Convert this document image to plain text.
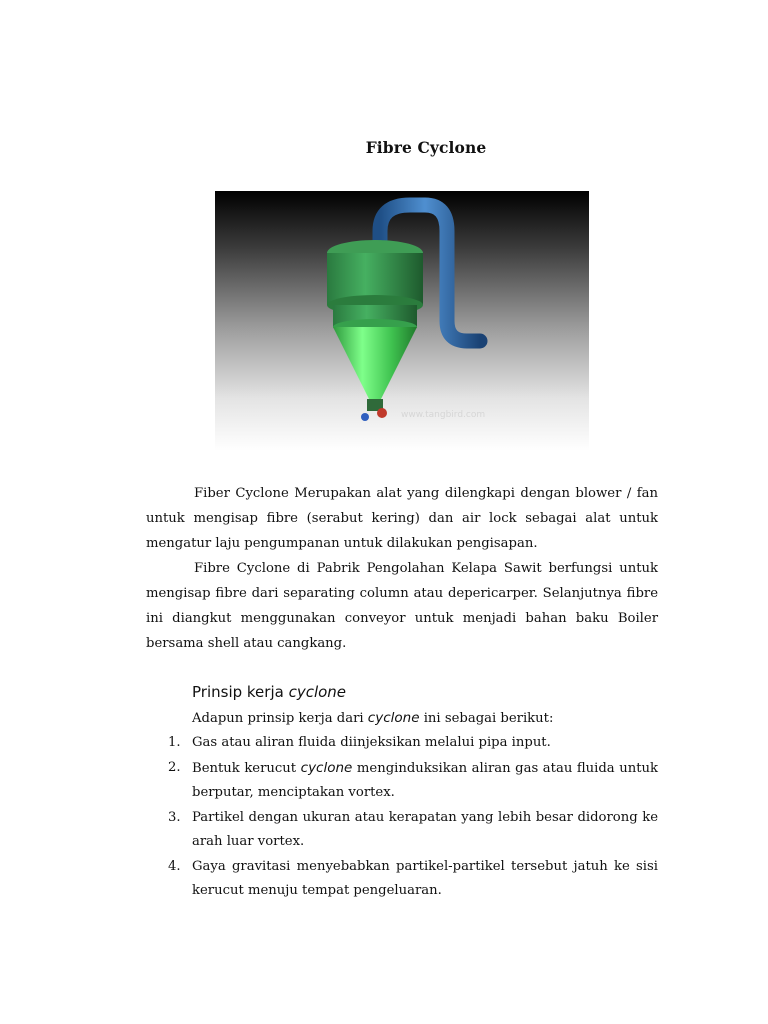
Fibre Cyclone
www.tangbird.com
Fiber Cyclone Merupakan alat yang dilengkapi dengan blower / fan untuk mengisap fibre (serabut kering) dan air lock sebagai alat untuk mengatur laju pengumpanan untuk dilakukan pengisapan.
Fibre Cyclone di Pabrik Pengolahan Kelapa Sawit berfungsi untuk mengisap fibre dari separating column atau depericarper. Selanjutnya fibre ini diangkut menggunakan conveyor untuk menjadi bahan baku Boiler bersama shell atau cangkang.
Prinsip kerja cyclone
Adapun prinsip kerja dari cyclone ini sebagai berikut:
1. Gas atau aliran fluida diinjeksikan melalui pipa input.
2. Bentuk kerucut cyclone menginduksikan aliran gas atau fluida untuk berputar, menciptakan vortex.
3. Partikel dengan ukuran atau kerapatan yang lebih besar didorong ke arah luar vortex.
4. Gaya gravitasi menyebabkan partikel-partikel tersebut jatuh ke sisi kerucut menuju tempat pengeluaran.
